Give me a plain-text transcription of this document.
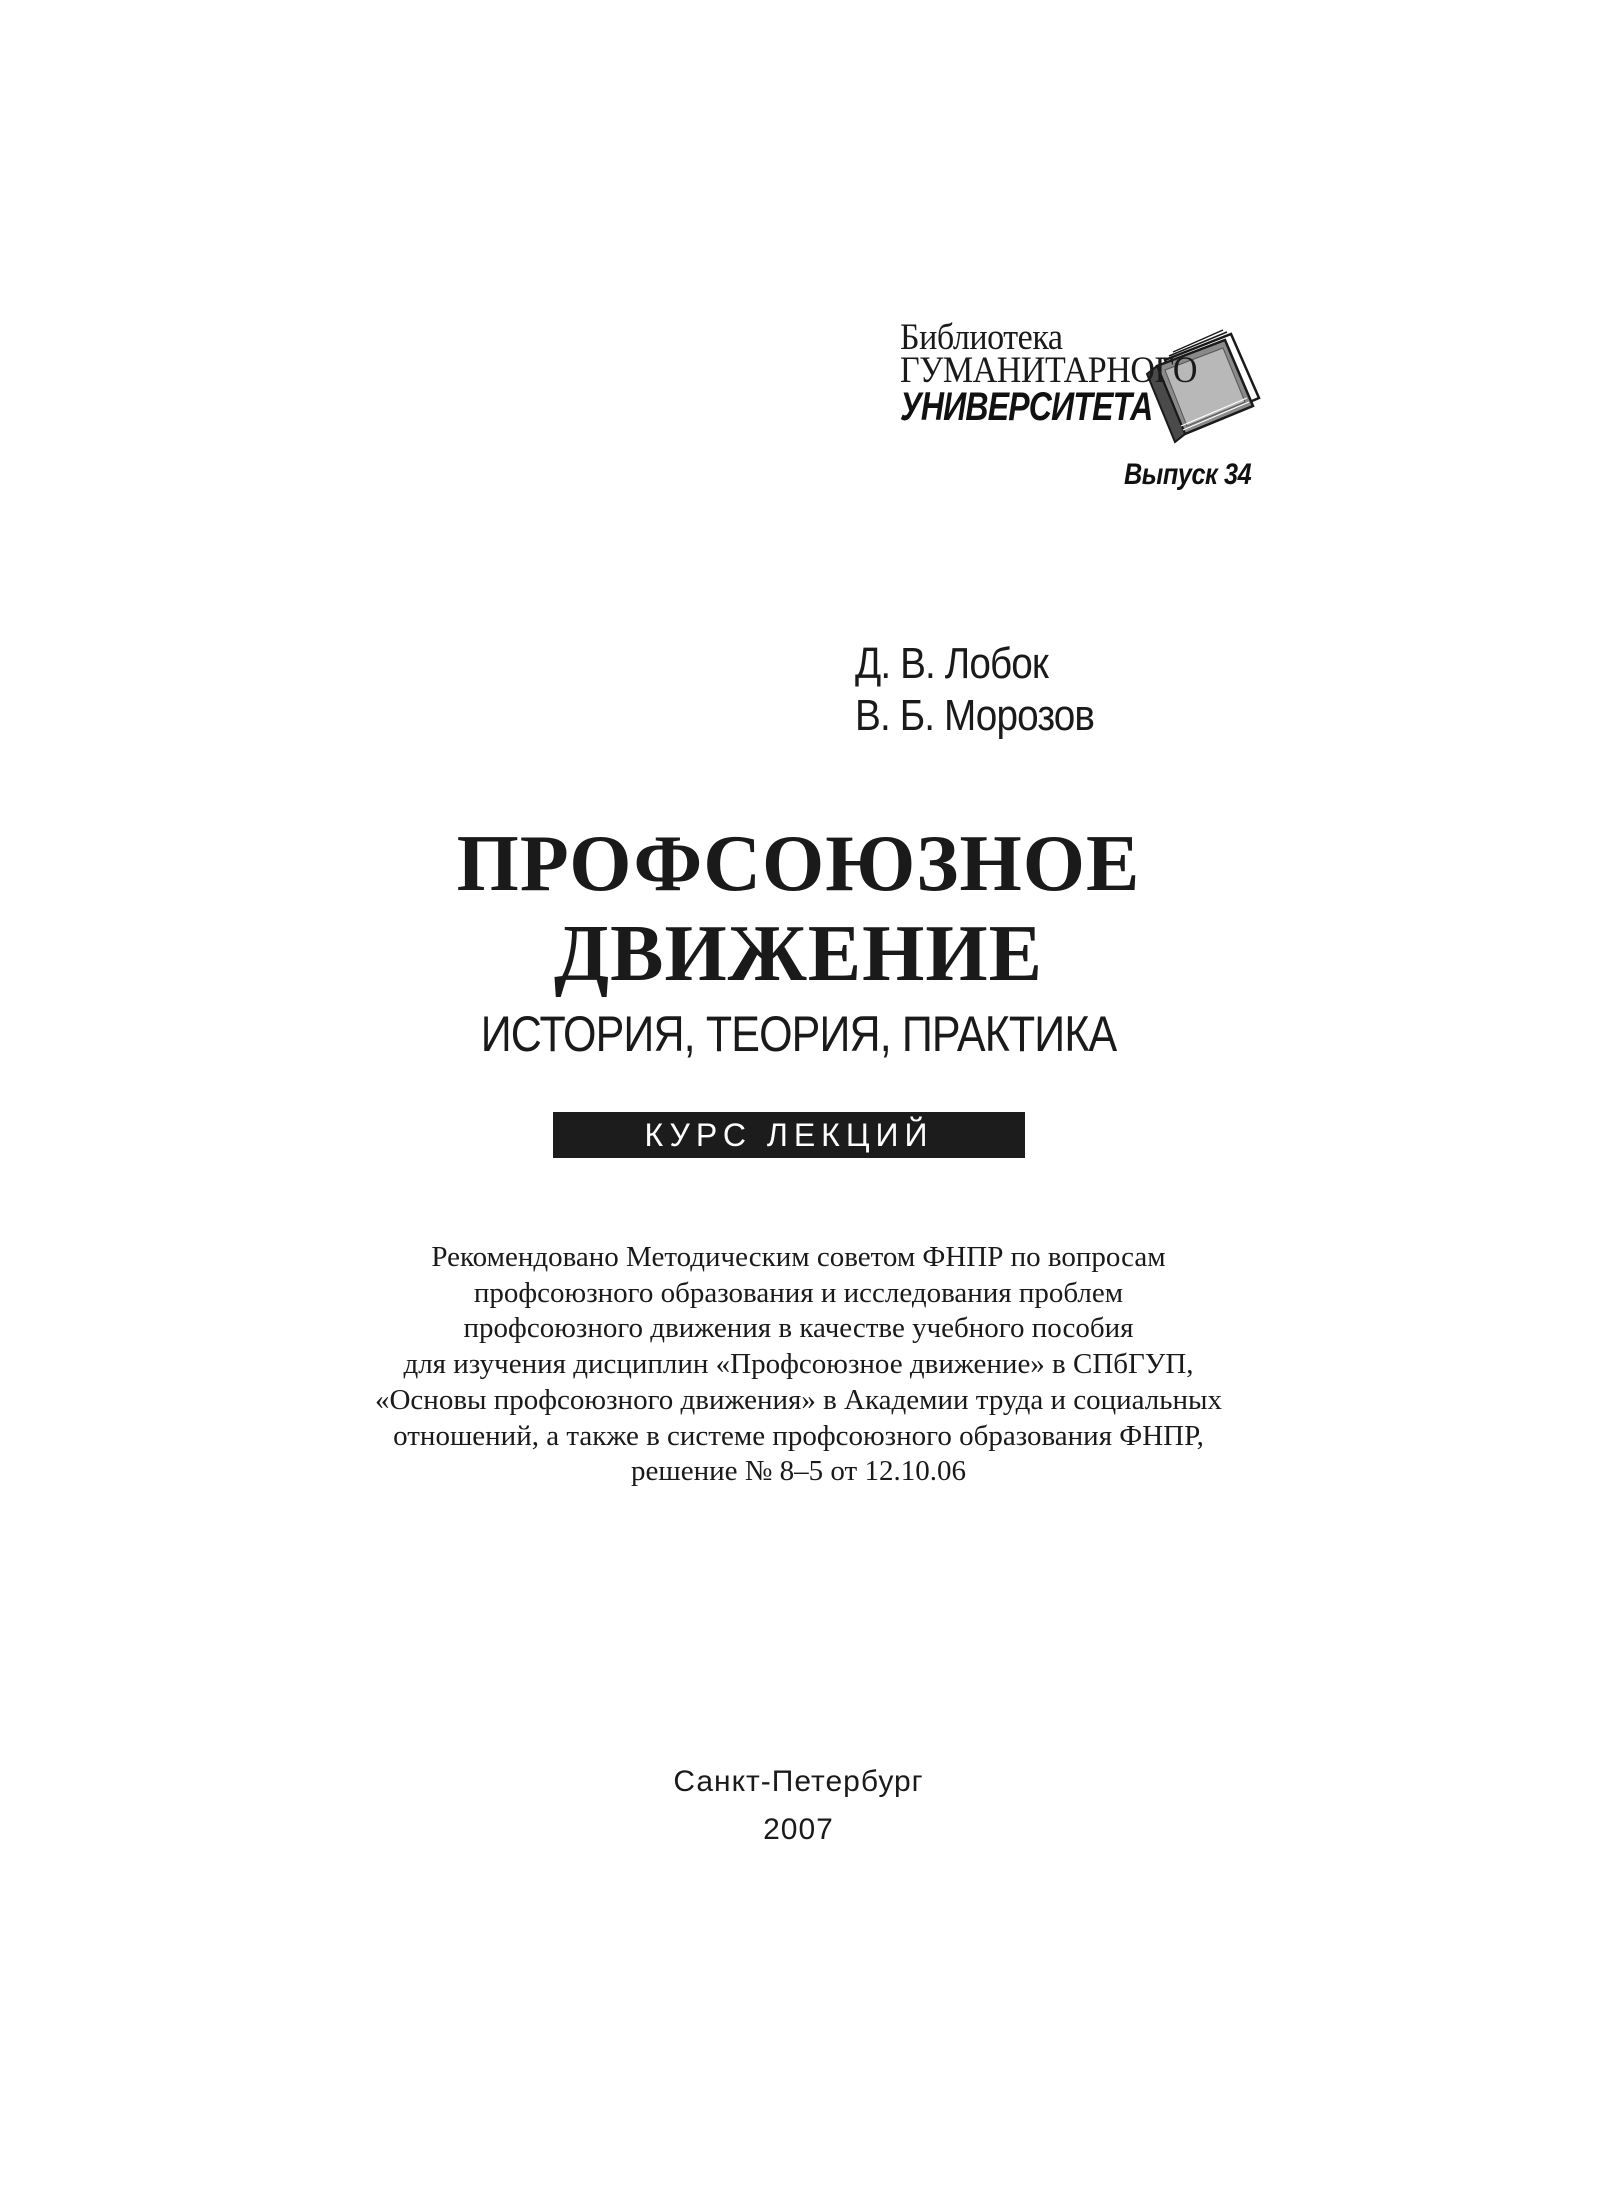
Библиотека
ГУМАНИТАРНОГО
УНИВЕРСИТЕТА
Выпуск 34
Д. В. Лобок
В. Б. Морозов
ПРОФСОЮЗНОЕ
ДВИЖЕНИЕ
ИСТОРИЯ, ТЕОРИЯ, ПРАКТИКА
КУРС ЛЕКЦИЙ
Рекомендовано Методическим советом ФНПР по вопросам
профсоюзного образования и исследования проблем
профсоюзного движения в качестве учебного пособия
для изучения дисциплин «Профсоюзное движение» в СПбГУП,
«Основы профсоюзного движения» в Академии труда и социальных
отношений, а также в системе профсоюзного образования ФНПР,
решение № 8–5 от 12.10.06
Санкт-Петербург
2007
